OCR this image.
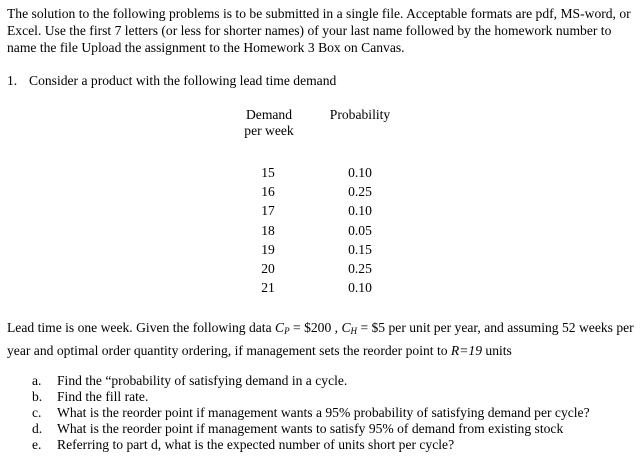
The solution to the following problems is to be submitted in a single file. Acceptable formats are pdf, MS-word, or Excel. Use the first 7 letters (or less for shorter names) of your last name followed by the homework number to name the file Upload the assignment to the Homework 3 Box on Canvas.
1. Consider a product with the following lead time demand
Demand
per week
Probability
15
16
17
18
19
20
21
0.10
0.25
0.10
0.05
0.15
0.25
0.10
Lead time is one week. Given the following data $C_P$ = $200 , $C_H$ = $5 per unit per year, and assuming 52 weeks per year and optimal order quantity ordering, if management sets the reorder point to R=19 units
a. Find the “probability of satisfying demand in a cycle.
b. Find the fill rate.
c. What is the reorder point if management wants a 95% probability of satisfying demand per cycle?
d. What is the reorder point if management wants to satisfy 95% of demand from existing stock
e. Referring to part d, what is the expected number of units short per cycle?
